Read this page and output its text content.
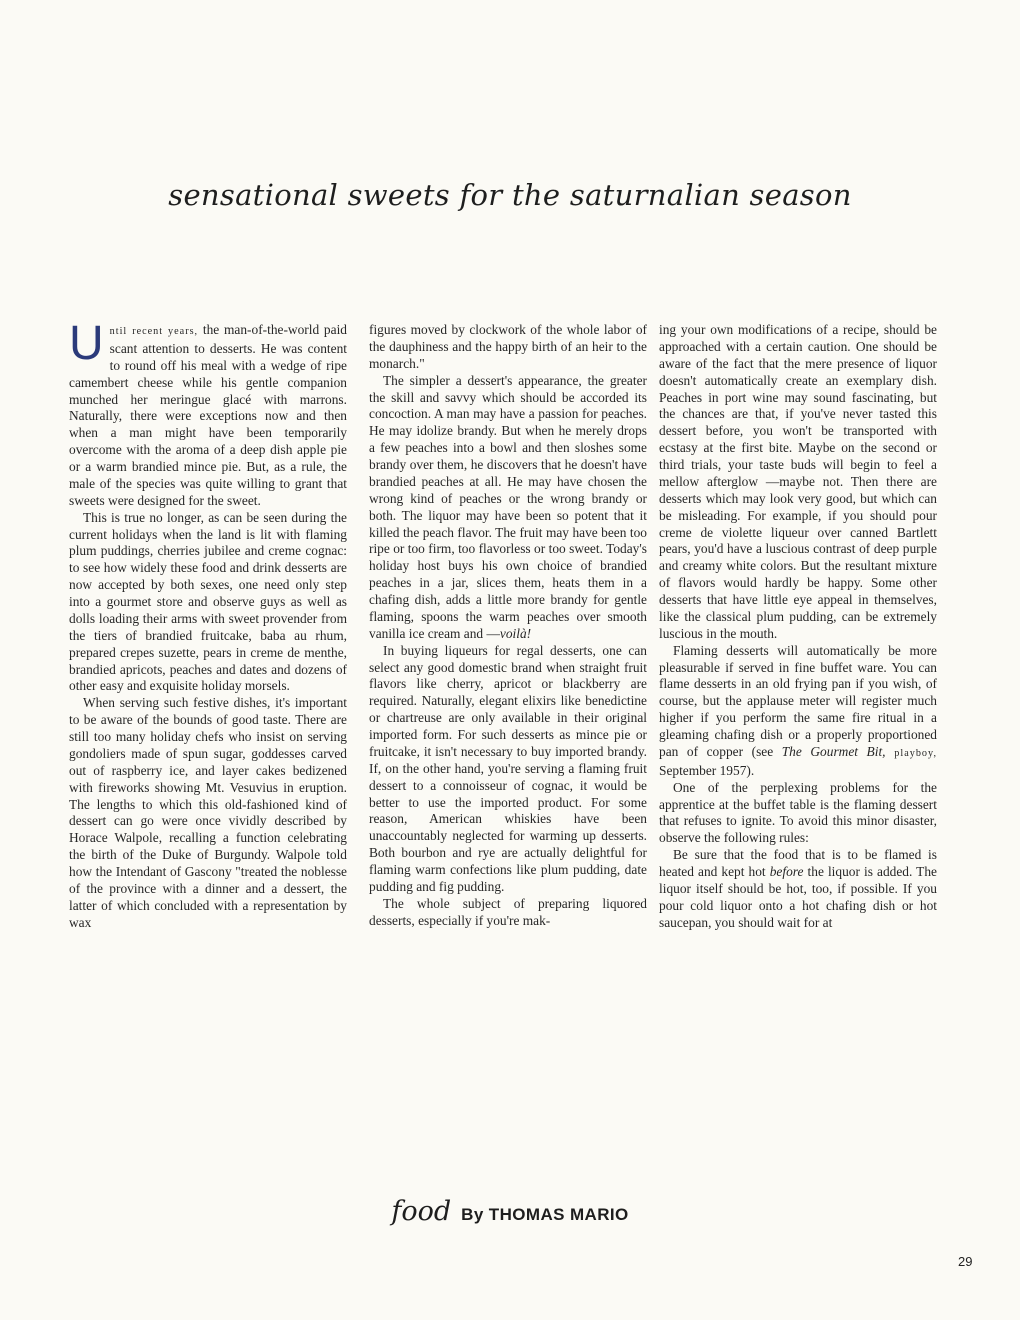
sensational sweets for the saturnalian season

Until recent years, the man-of-the-world paid scant attention to desserts. He was content to round off his meal with a wedge of ripe camembert cheese while his gentle companion munched her meringue glacé with marrons. Naturally, there were exceptions now and then when a man might have been temporarily overcome with the aroma of a deep dish apple pie or a warm brandied mince pie. But, as a rule, the male of the species was quite willing to grant that sweets were designed for the sweet.

This is true no longer, as can be seen during the current holidays when the land is lit with flaming plum puddings, cherries jubilee and creme cognac: to see how widely these food and drink desserts are now accepted by both sexes, one need only step into a gourmet store and observe guys as well as dolls loading their arms with sweet provender from the tiers of brandied fruitcake, baba au rhum, prepared crepes suzette, pears in creme de menthe, brandied apricots, peaches and dates and dozens of other easy and exquisite holiday morsels.

When serving such festive dishes, it's important to be aware of the bounds of good taste. There are still too many holiday chefs who insist on serving gondoliers made of spun sugar, goddesses carved out of raspberry ice, and layer cakes bedizened with fireworks showing Mt. Vesuvius in eruption. The lengths to which this old-fashioned kind of dessert can go were once vividly described by Horace Walpole, recalling a function celebrating the birth of the Duke of Burgundy. Walpole told how the Intendant of Gascony "treated the noblesse of the province with a dinner and a dessert, the latter of which concluded with a representation by wax

figures moved by clockwork of the whole labor of the dauphiness and the happy birth of an heir to the monarch."

The simpler a dessert's appearance, the greater the skill and savvy which should be accorded its concoction. A man may have a passion for peaches. He may idolize brandy. But when he merely drops a few peaches into a bowl and then sloshes some brandy over them, he discovers that he doesn't have brandied peaches at all. He may have chosen the wrong kind of peaches or the wrong brandy or both. The liquor may have been so potent that it killed the peach flavor. The fruit may have been too ripe or too firm, too flavorless or too sweet. Today's holiday host buys his own choice of brandied peaches in a jar, slices them, heats them in a chafing dish, adds a little more brandy for gentle flaming, spoons the warm peaches over smooth vanilla ice cream and —voilà!

In buying liqueurs for regal desserts, one can select any good domestic brand when straight fruit flavors like cherry, apricot or blackberry are required. Naturally, elegant elixirs like benedictine or chartreuse are only available in their original imported form. For such desserts as mince pie or fruitcake, it isn't necessary to buy imported brandy. If, on the other hand, you're serving a flaming fruit dessert to a connoisseur of cognac, it would be better to use the imported product. For some reason, American whiskies have been unaccountably neglected for warming up desserts. Both bourbon and rye are actually delightful for flaming warm confections like plum pudding, date pudding and fig pudding.

The whole subject of preparing liquored desserts, especially if you're mak-

ing your own modifications of a recipe, should be approached with a certain caution. One should be aware of the fact that the mere presence of liquor doesn't automatically create an exemplary dish. Peaches in port wine may sound fascinating, but the chances are that, if you've never tasted this dessert before, you won't be transported with ecstasy at the first bite. Maybe on the second or third trials, your taste buds will begin to feel a mellow afterglow —maybe not. Then there are desserts which may look very good, but which can be misleading. For example, if you should pour creme de violette liqueur over canned Bartlett pears, you'd have a luscious contrast of deep purple and creamy white colors. But the resultant mixture of flavors would hardly be happy. Some other desserts that have little eye appeal in themselves, like the classical plum pudding, can be extremely luscious in the mouth.

Flaming desserts will automatically be more pleasurable if served in fine buffet ware. You can flame desserts in an old frying pan if you wish, of course, but the applause meter will register much higher if you perform the same fire ritual in a gleaming chafing dish or a properly proportioned pan of copper (see The Gourmet Bit, playboy, September 1957).

One of the perplexing problems for the apprentice at the buffet table is the flaming dessert that refuses to ignite. To avoid this minor disaster, observe the following rules:

Be sure that the food that is to be flamed is heated and kept hot before the liquor is added. The liquor itself should be hot, too, if possible. If you pour cold liquor onto a hot chafing dish or hot saucepan, you should wait for at

food By THOMAS MARIO
29
